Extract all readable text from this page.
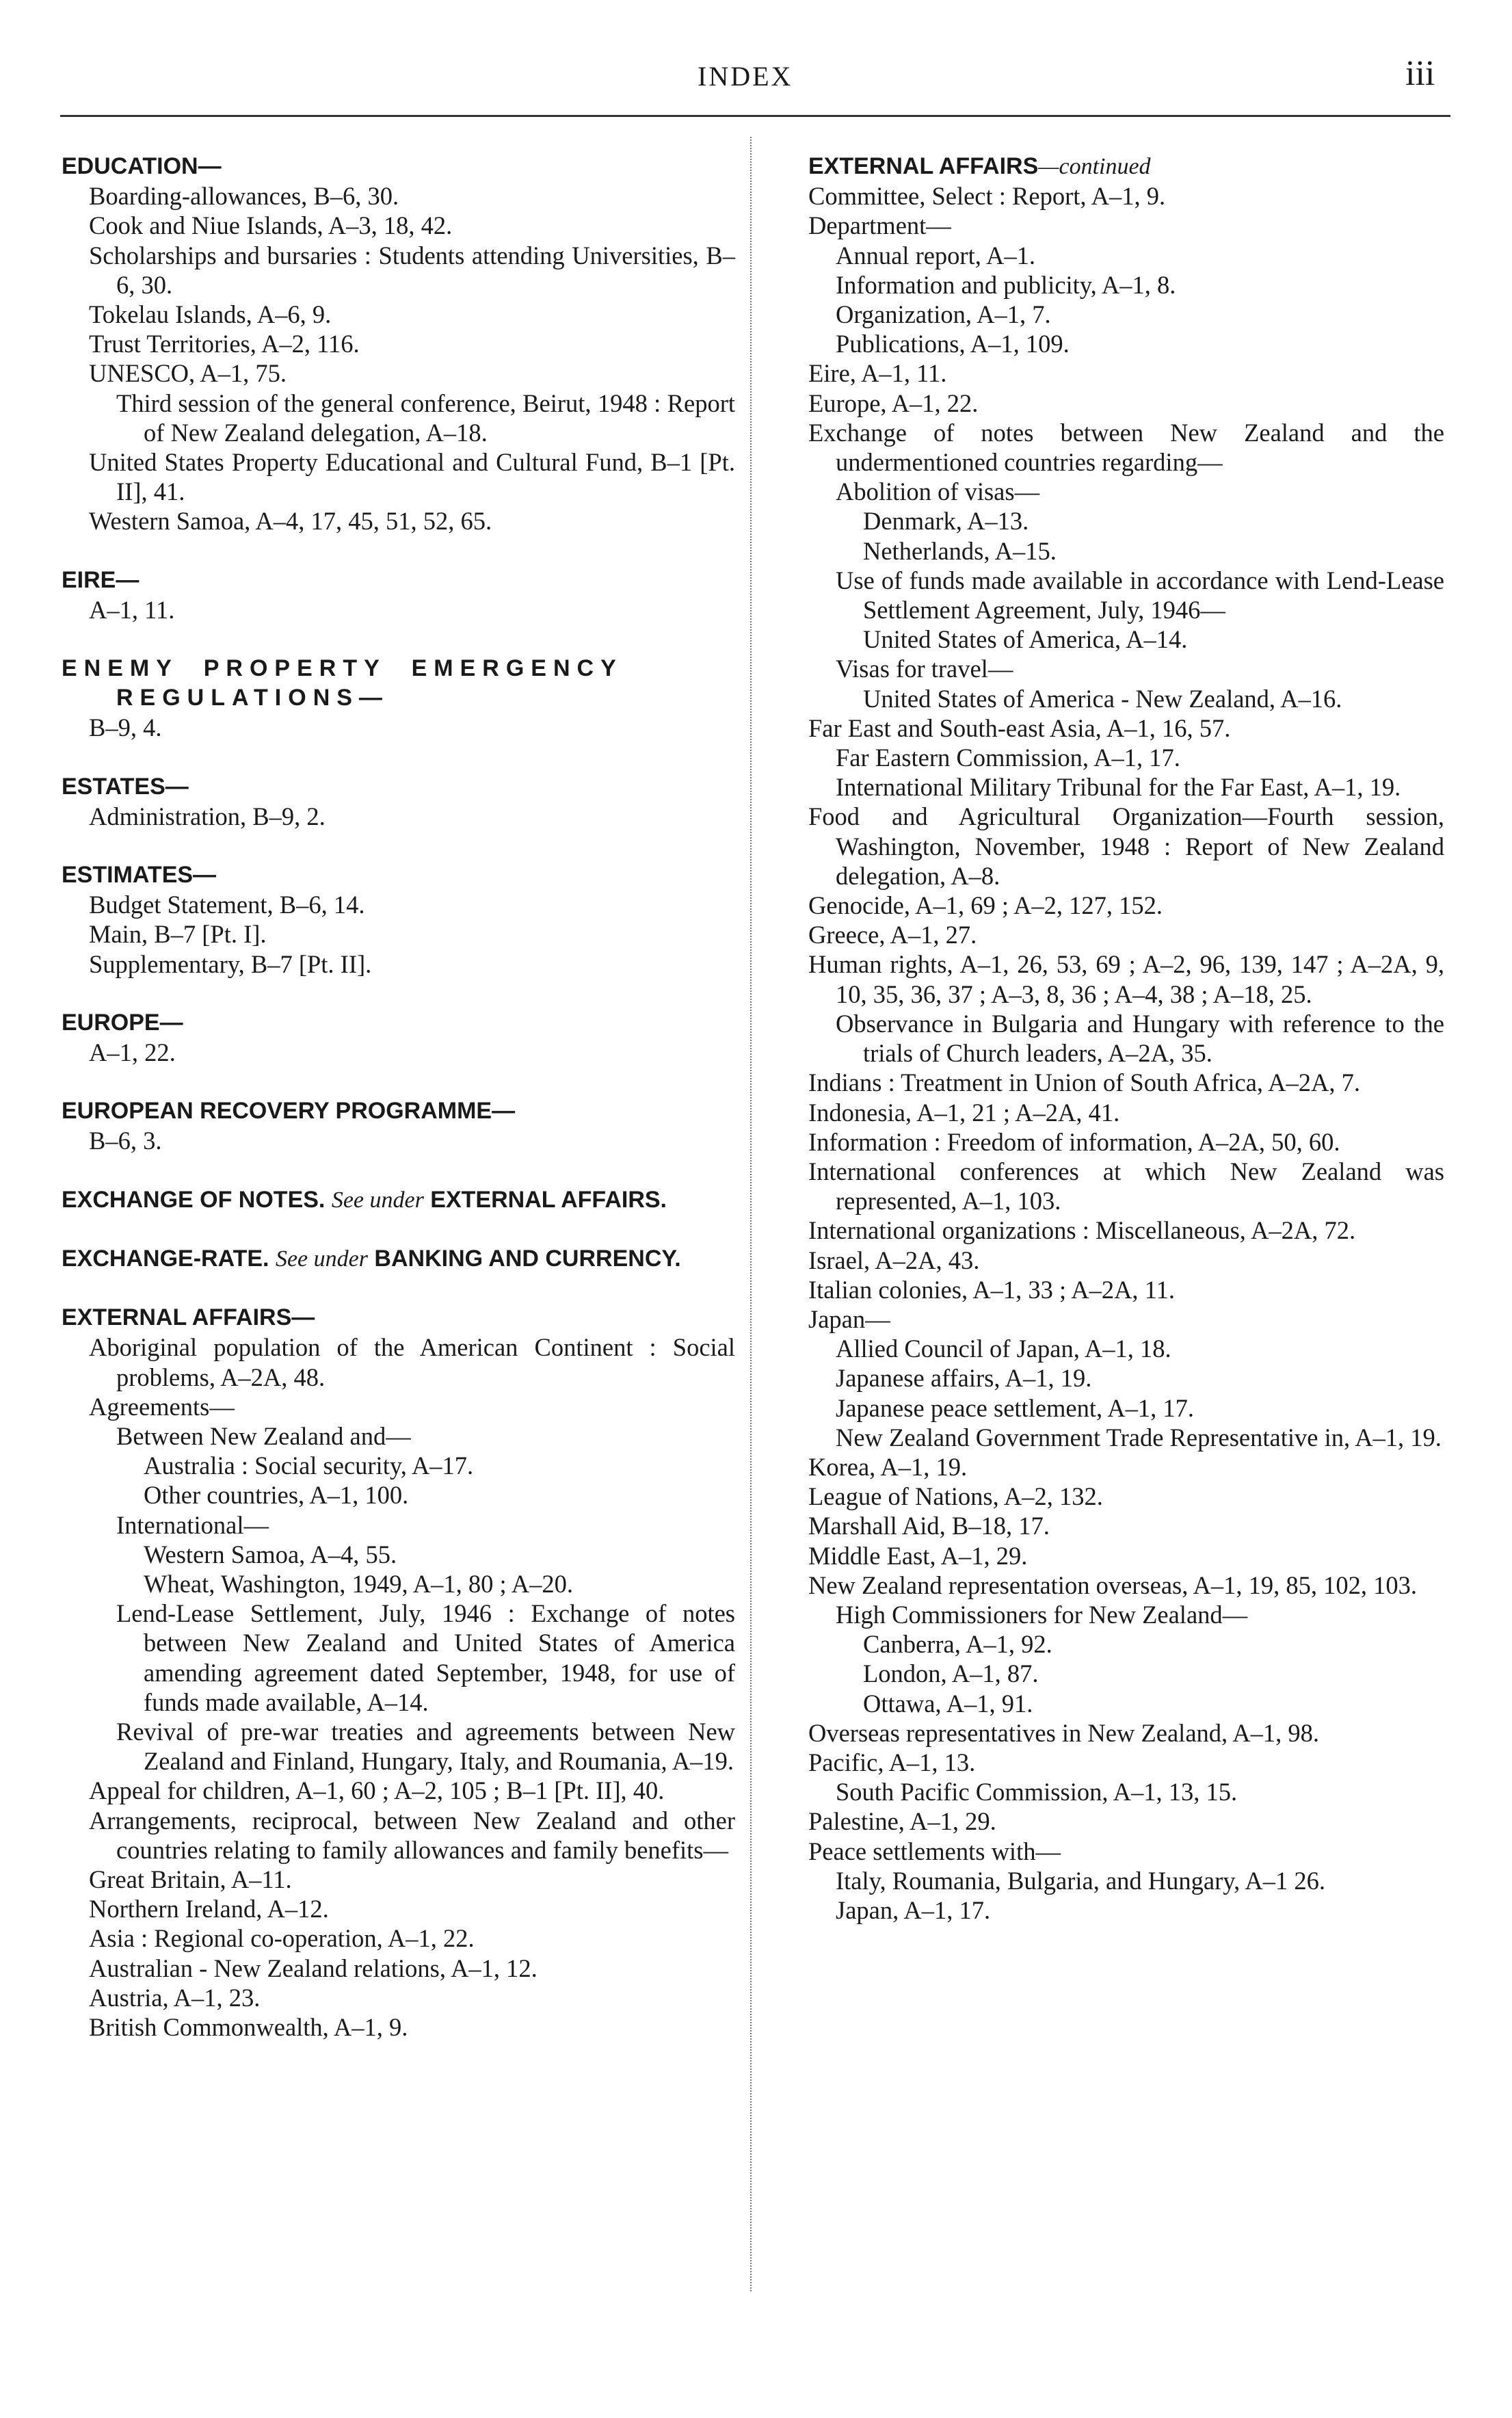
INDEX	iii
EDUCATION—
Boarding-allowances, B–6, 30.
Cook and Niue Islands, A–3, 18, 42.
Scholarships and bursaries : Students attending Universities, B–6, 30.
Tokelau Islands, A–6, 9.
Trust Territories, A–2, 116.
UNESCO, A–1, 75.
Third session of the general conference, Beirut, 1948 : Report of New Zealand delegation, A–18.
United States Property Educational and Cultural Fund, B–1 [Pt. II], 41.
Western Samoa, A–4, 17, 45, 51, 52, 65.
EIRE—
A–1, 11.
ENEMY PROPERTY EMERGENCY REGULATIONS—
B–9, 4.
ESTATES—
Administration, B–9, 2.
ESTIMATES—
Budget Statement, B–6, 14.
Main, B–7 [Pt. I].
Supplementary, B–7 [Pt. II].
EUROPE—
A–1, 22.
EUROPEAN RECOVERY PROGRAMME—
B–6, 3.
EXCHANGE OF NOTES. See under EXTERNAL AFFAIRS.
EXCHANGE-RATE. See under BANKING AND CURRENCY.
EXTERNAL AFFAIRS—
Aboriginal population of the American Continent : Social problems, A–2A, 48.
Agreements—
Between New Zealand and—
Australia : Social security, A–17.
Other countries, A–1, 100.
International—
Western Samoa, A–4, 55.
Wheat, Washington, 1949, A–1, 80 ; A–20.
Lend-Lease Settlement, July, 1946 : Exchange of notes between New Zealand and United States of America amending agreement dated September, 1948, for use of funds made available, A–14.
Revival of pre-war treaties and agreements between New Zealand and Finland, Hungary, Italy, and Roumania, A–19.
Appeal for children, A–1, 60 ; A–2, 105 ; B–1 [Pt. II], 40.
Arrangements, reciprocal, between New Zealand and other countries relating to family allowances and family benefits—
Great Britain, A–11.
Northern Ireland, A–12.
Asia : Regional co-operation, A–1, 22.
Australian - New Zealand relations, A–1, 12.
Austria, A–1, 23.
British Commonwealth, A–1, 9.
EXTERNAL AFFAIRS—continued
Committee, Select : Report, A–1, 9.
Department—
Annual report, A–1.
Information and publicity, A–1, 8.
Organization, A–1, 7.
Publications, A–1, 109.
Eire, A–1, 11.
Europe, A–1, 22.
Exchange of notes between New Zealand and the undermentioned countries regarding—
Abolition of visas—
Denmark, A–13.
Netherlands, A–15.
Use of funds made available in accordance with Lend-Lease Settlement Agreement, July, 1946—
United States of America, A–14.
Visas for travel—
United States of America - New Zealand, A–16.
Far East and South-east Asia, A–1, 16, 57.
Far Eastern Commission, A–1, 17.
International Military Tribunal for the Far East, A–1, 19.
Food and Agricultural Organization—Fourth session, Washington, November, 1948 : Report of New Zealand delegation, A–8.
Genocide, A–1, 69 ; A–2, 127, 152.
Greece, A–1, 27.
Human rights, A–1, 26, 53, 69 ; A–2, 96, 139, 147 ; A–2A, 9, 10, 35, 36, 37 ; A–3, 8, 36 ; A–4, 38 ; A–18, 25.
Observance in Bulgaria and Hungary with reference to the trials of Church leaders, A–2A, 35.
Indians : Treatment in Union of South Africa, A–2A, 7.
Indonesia, A–1, 21 ; A–2A, 41.
Information : Freedom of information, A–2A, 50, 60.
International conferences at which New Zealand was represented, A–1, 103.
International organizations : Miscellaneous, A–2A, 72.
Israel, A–2A, 43.
Italian colonies, A–1, 33 ; A–2A, 11.
Japan—
Allied Council of Japan, A–1, 18.
Japanese affairs, A–1, 19.
Japanese peace settlement, A–1, 17.
New Zealand Government Trade Representative in, A–1, 19.
Korea, A–1, 19.
League of Nations, A–2, 132.
Marshall Aid, B–18, 17.
Middle East, A–1, 29.
New Zealand representation overseas, A–1, 19, 85, 102, 103.
High Commissioners for New Zealand—
Canberra, A–1, 92.
London, A–1, 87.
Ottawa, A–1, 91.
Overseas representatives in New Zealand, A–1, 98.
Pacific, A–1, 13.
South Pacific Commission, A–1, 13, 15.
Palestine, A–1, 29.
Peace settlements with—
Italy, Roumania, Bulgaria, and Hungary, A–1 26.
Japan, A–1, 17.
